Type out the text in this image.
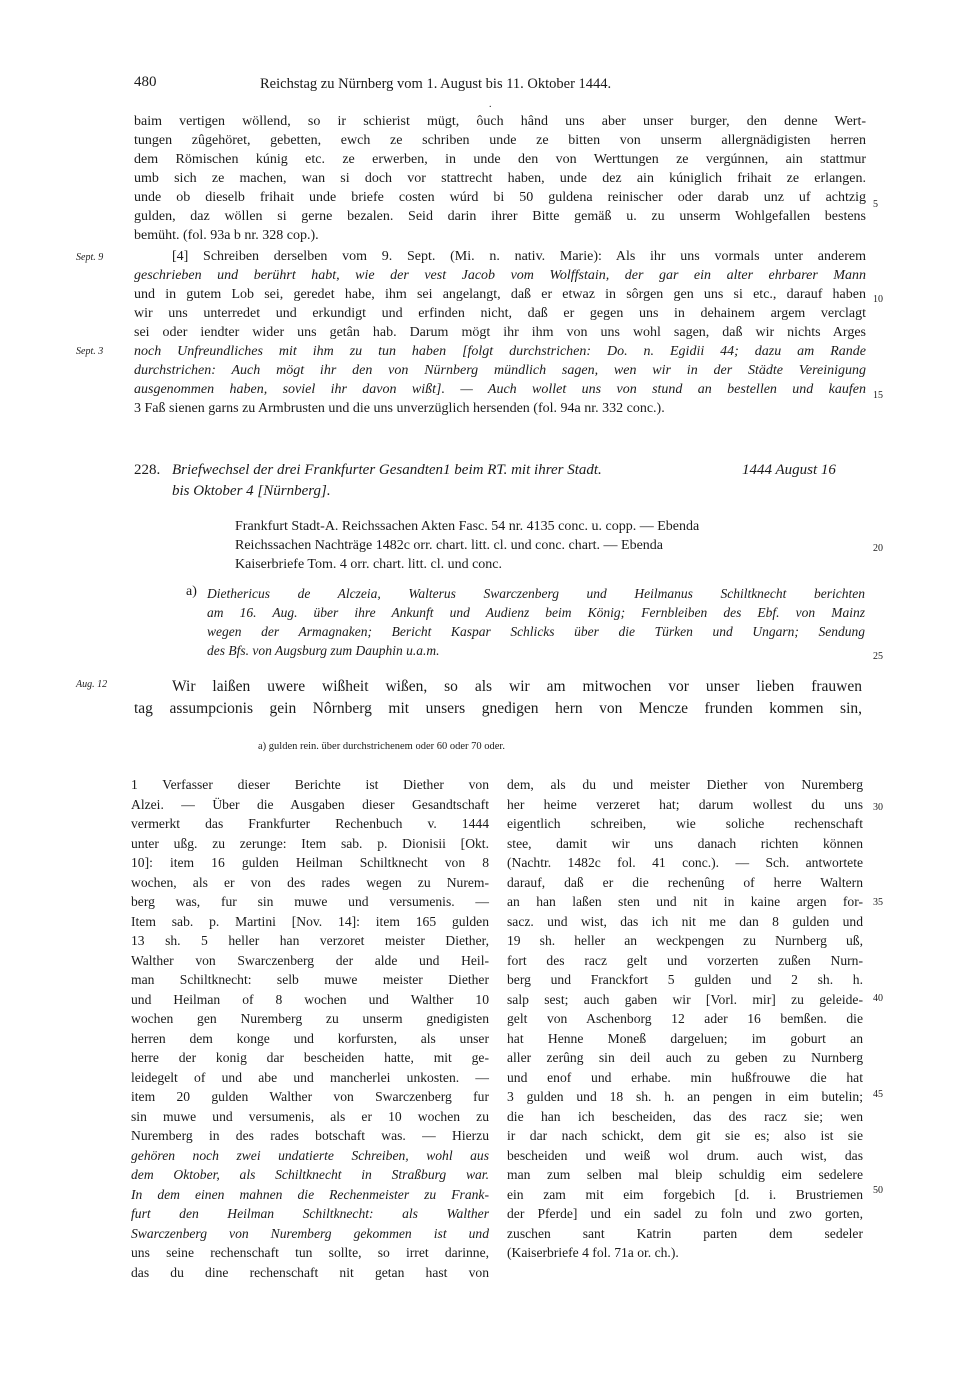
480	Reichstag zu Nürnberg vom 1. August bis 11. Oktober 1444.
.
baim vertigen wöllend, so ir schierist mügt, ôuch hând uns aber unser burger, den denne Wert-
tungen zûgehöret, gebetten, ewch ze schriben unde ze bitten von unserm allergnädigisten herren
dem Römischen kúnig etc. ze erwerben, in unde den von Werttungen ze vergúnnen, ain stattmur
umb sich ze machen, wan si doch vor stattrecht haben, unde dez ain kúniglich frihait ze erlangen.
unde ob dieselb frihait unde briefe costen wúrd bi 50 guldena reinischer oder darab unz uf achtzig
gulden, daz wöllen si gerne bezalen. Seid darin ihrer Bitte gemäß u. zu unserm Wohlgefallen bestens
bemüht. (fol. 93a b nr. 328 cop.).
[4] Schreiben derselben vom 9. Sept. (Mi. n. nativ. Marie): Als ihr uns vormals unter anderem
geschrieben und berührt habt, wie der vest Jacob vom Wolffstain, der gar ein alter ehrbarer Mann
und in gutem Lob sei, geredet habe, ihm sei angelangt, daß er etwaz in sôrgen gen uns si etc., darauf haben
wir uns unterredet und erkundigt und erfinden nicht, daß er gegen uns in dehainem argem verclagt
sei oder iendter wider uns getân hab. Darum mögt ihr ihm von uns wohl sagen, daß wir nichts Arges
noch Unfreundliches mit ihm zu tun haben [folgt durchstrichen: Do. n. Egidii 44; dazu am Rande
durchstrichen: Auch mögt ihr den von Nürnberg mündlich sagen, wen wir in der Städte Vereinigung
ausgenommen haben, soviel ihr davon wißt]. — Auch wollet uns von stund an bestellen und kaufen
3 Faß sienen garns zu Armbrusten und die uns unverzüglich hersenden (fol. 94a nr. 332 conc.).
Sept. 9
Sept. 3
Aug. 12
5
10
15
20
25
30
35
40
45
50
228. Briefwechsel der drei Frankfurter Gesandten1 beim RT. mit ihrer Stadt.
bis Oktober 4 [Nürnberg].
1444 August 16
Frankfurt Stadt-A. Reichssachen Akten Fasc. 54 nr. 4135 conc. u. copp. — Ebenda
Reichssachen Nachträge 1482c orr. chart. litt. cl. und conc. chart. — Ebenda
Kaiserbriefe Tom. 4 orr. chart. litt. cl. und conc.
a) Diethericus de Alczeia, Walterus Swarczenberg und Heilmanus Schiltknecht berichten
am 16. Aug. über ihre Ankunft und Audienz beim König; Fernbleiben des Ebf. von Mainz
wegen der Armagnaken; Bericht Kaspar Schlicks über die Türken und Ungarn; Sendung
des Bfs. von Augsburg zum Dauphin u.a.m.
Wir laißen uwere wißheit wißen, so als wir am mitwochen vor unser lieben frauwen
tag assumpcionis gein Nôrnberg mit unsers gnedigen hern von Mencze frunden kommen sin,
a) gulden rein. über durchstrichenem oder 60 oder 70 oder.
1 Verfasser dieser Berichte ist Diether von
Alzei. — Über die Ausgaben dieser Gesandtschaft
vermerkt das Frankfurter Rechenbuch v. 1444
unter ußg. zu zerunge: Item sab. p. Dionisii [Okt.
10]: item 16 gulden Heilman Schiltknecht von 8
wochen, als er von des rades wegen zu Nurem-
berg was, fur sin muwe und versumenis. —
Item sab. p. Martini [Nov. 14]: item 165 gulden
13 sh. 5 heller han verzoret meister Diether,
Walther von Swarczenberg der alde und Heil-
man Schiltknecht: selb muwe meister Diether
und Heilman of 8 wochen und Walther 10
wochen gen Nuremberg zu unserm gnedigisten
herren dem konge und korfursten, als unser
herre der konig dar bescheiden hatte, mit ge-
leidegelt of und abe und mancherlei unkosten. —
item 20 gulden Walther von Swarczenberg fur
sin muwe und versumenis, als er 10 wochen zu
Nuremberg in des rades botschaft was. — Hierzu
gehören noch zwei undatierte Schreiben, wohl aus
dem Oktober, als Schiltknecht in Straßburg war.
In dem einen mahnen die Rechenmeister zu Frank-
furt den Heilman Schiltknecht: als Walther
Swarczenberg von Nuremberg gekommen ist und
uns seine rechenschaft tun sollte, so irret darinne,
das du dine rechenschaft nit getan hast von
dem, als du und meister Diether von Nuremberg
her heime verzeret hat; darum wollest du uns
eigentlich schreiben, wie soliche rechenschaft
stee, damit wir uns danach richten können
(Nachtr. 1482c fol. 41 conc.). — Sch. antwortete
darauf, daß er die rechenûng of herre Waltern
an han laßen sten und nit in kaine argen for-
sacz. und wist, das ich nit me dan 8 gulden und
19 sh. heller an weckpengen zu Nurnberg uß,
fort des racz gelt und vorzerten zußen Nurn-
berg und Franckfort 5 gulden und 2 sh. h.
salp sest; auch gaben wir [Vorl. mir] zu geleide-
gelt von Aschenborg 12 ader 16 bemßen. die
hat Henne Moneß dargeluen; im goburt an
aller zerûng sin deil auch zu geben zu Nurnberg
und enof und erhabe. min hußfrouwe die hat
3 gulden und 18 sh. h. an pengen in eim butelin;
die han ich bescheiden, das des racz sie; wen
ir dar nach schickt, dem git sie es; also ist sie
bescheiden und weiß wol drum. auch wist, das
man zum selben mal bleip schuldig eim sedelere
ein zam mit eim forgebich [d. i. Brustriemen
der Pferde] und ein sadel zu foln und zwo gorten,
zuschen sant Katrin parten dem sedeler
(Kaiserbriefe 4 fol. 71a or. ch.).
